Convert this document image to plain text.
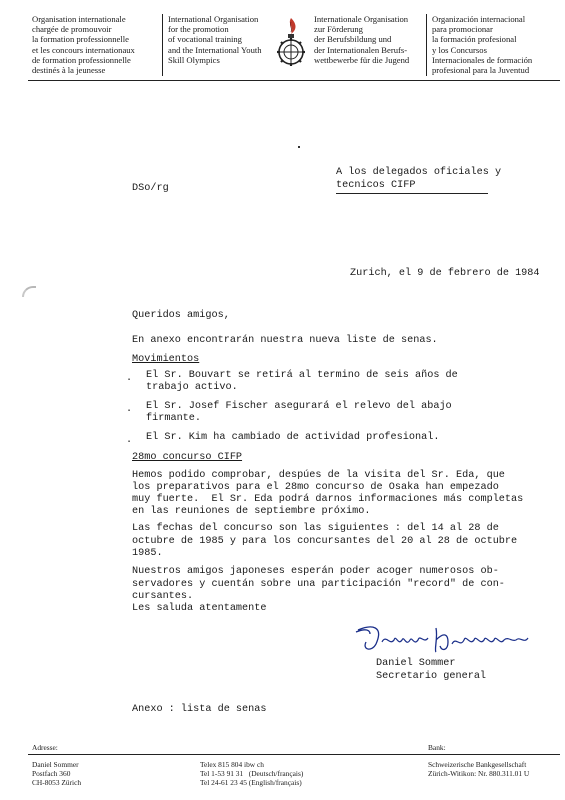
Organisation internationale
chargée de promouvoir
la formation professionnelle
et les concours internationaux
de formation professionnelle
destinés à la jeunesse
International Organisation
for the promotion
of vocational training
and the International Youth
Skill Olympics
Internationale Organisation
zur Förderung
der Berufsbildung und
der Internationalen Berufs-
wettbewerbe für die Jugend
Organización internacional
para promocionar
la formación profesional
y los Concursos
Internacionales de formación
profesional para la Juventud
A los delegados oficiales y
tecnicos CIFP
DSo/rg
Zurich, el 9 de febrero de 1984
Queridos amigos,
En anexo encontrarán nuestra nueva liste de senas.
Movimientos
. El Sr. Bouvart se retirá al termino de seis años de
trabajo activo.
. El Sr. Josef Fischer asegurará el relevo del abajo
firmante.
. El Sr. Kim ha cambiado de actividad profesional.
28mo concurso CIFP
Hemos podido comprobar, despúes de la visita del Sr. Eda, que
los preparativos para el 28mo concurso de Osaka han empezado
muy fuerte.  El Sr. Eda podrá darnos informaciones más completas
en las reuniones de septiembre próximo.
Las fechas del concurso son las siguientes : del 14 al 28 de
octubre de 1985 y para los concursantes del 20 al 28 de octubre
1985.
Nuestros amigos japoneses esperán poder acoger numerosos ob-
servadores y cuentán sobre una participación "record" de con-
cursantes.
Les saluda atentamente
Daniel Sommer
Secretario general
Anexo : lista de senas
Adresse:	Bank:
Daniel Sommer
Postfach 360
CH-8053 Zürich
Telex 815 804 ibw ch
Tel 1-53 91 31   (Deutsch/français)
Tel 24-61 23 45 (English/français)
Schweizerische Bankgesellschaft
Zürich-Witikon: Nr. 880.311.01 U
